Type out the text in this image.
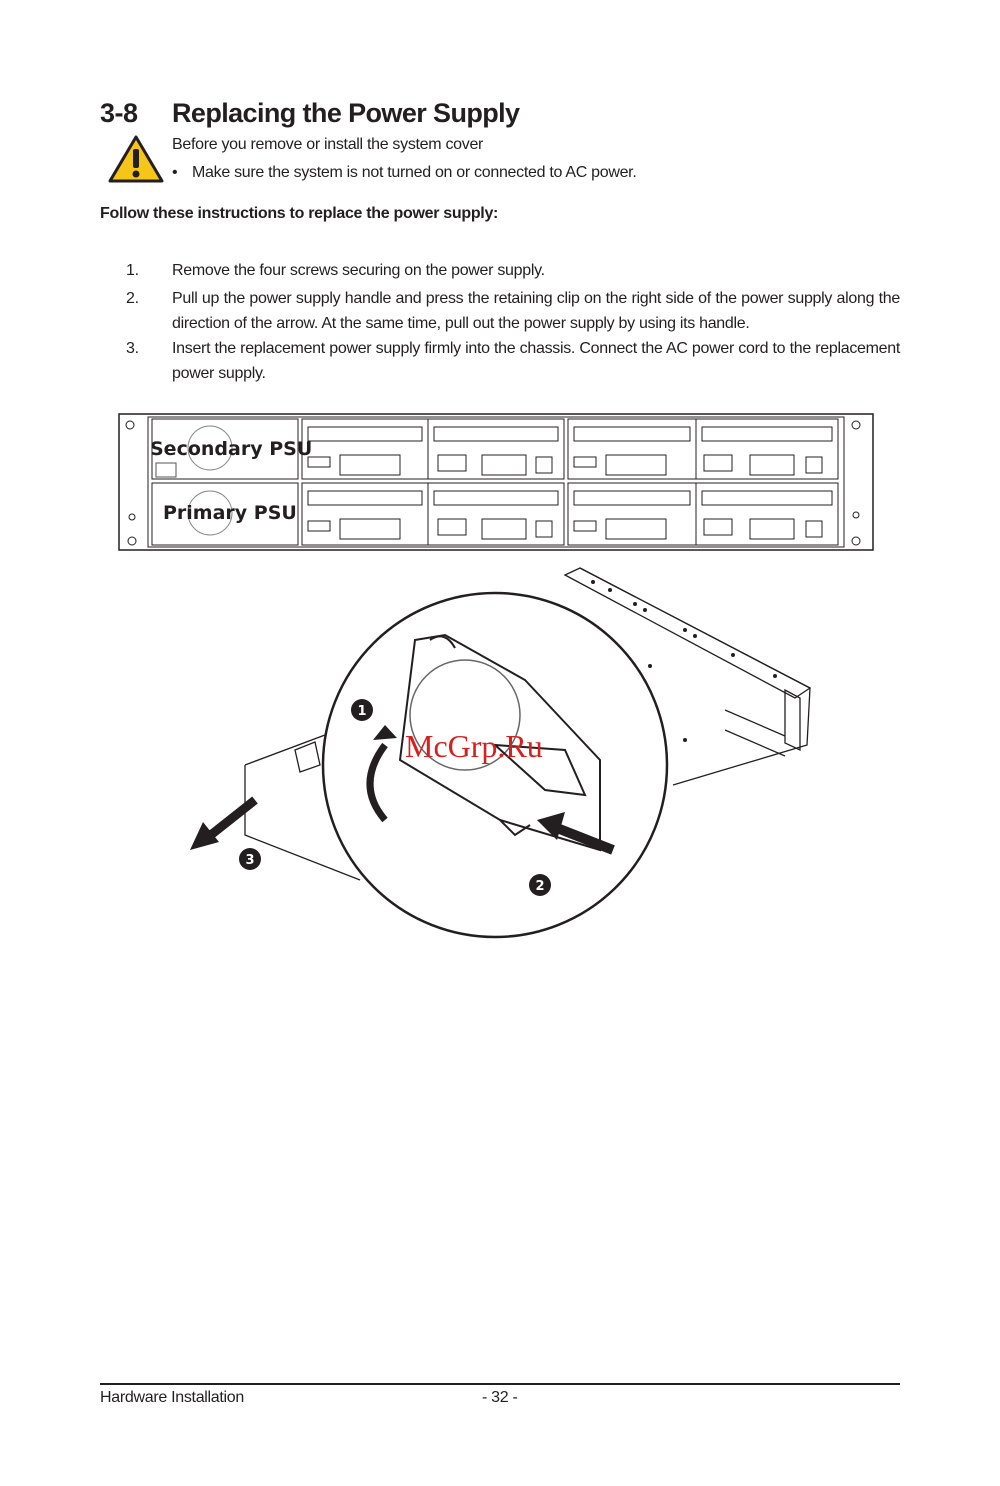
3-8 Replacing the Power Supply
Before you remove or install the system cover
• Make sure the system is not turned on or connected to AC power.
Follow these instructions to replace the power supply:
1.	Remove the four screws securing on the power supply.
2.	Pull up the power supply handle and press the retaining clip on the right side of the power supply along the direction of the arrow. At the same time, pull out the power supply by using its handle.
3.	Insert the replacement power supply firmly into the chassis. Connect the AC power cord to the replacement power supply.
Secondary PSU
Primary PSU
1
2
3
McGrp.Ru
Hardware Installation	- 32 -
